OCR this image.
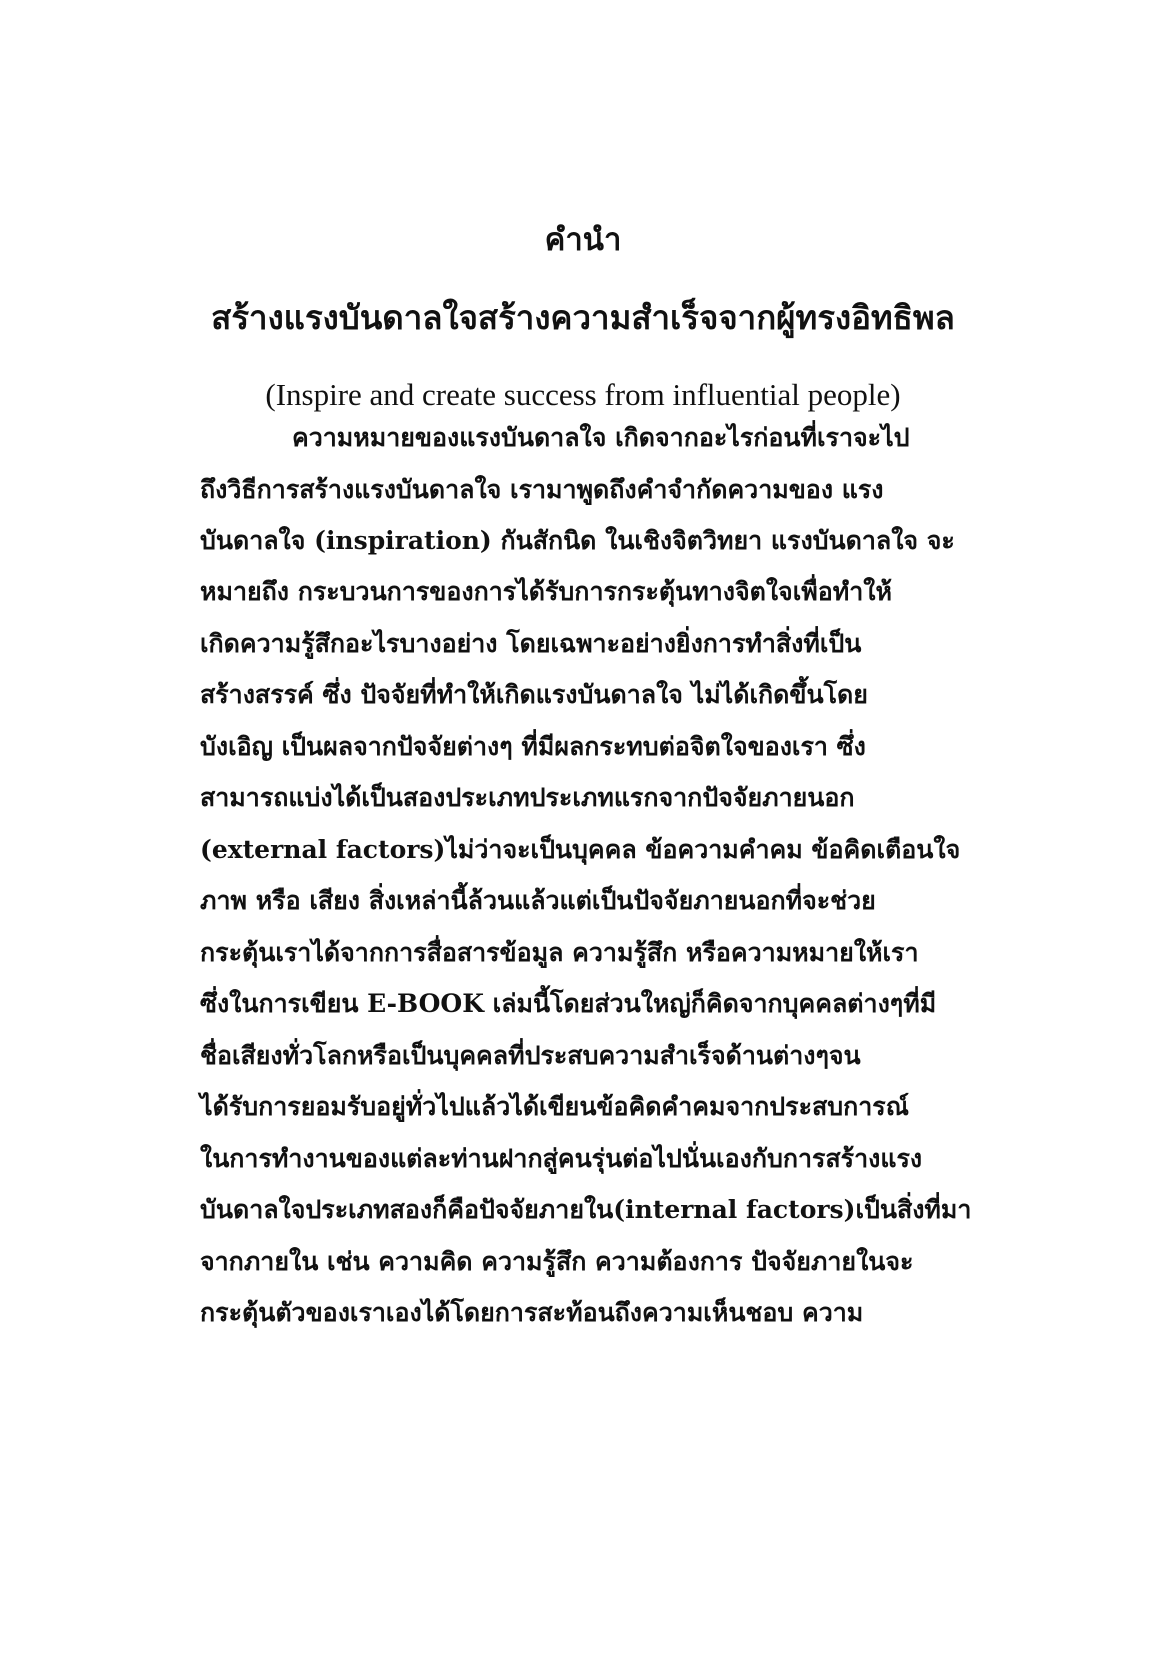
คำนำ
สร้างแรงบันดาลใจสร้างความสำเร็จจากผู้ทรงอิทธิพล
(Inspire and create success from influential people)
ความหมายของแรงบันดาลใจ เกิดจากอะไรก่อนที่เราจะไป
ถึงวิธีการสร้างแรงบันดาลใจ เรามาพูดถึงคำจำกัดความของ แรง
บันดาลใจ (inspiration) กันสักนิด ในเชิงจิตวิทยา แรงบันดาลใจ จะ
หมายถึง กระบวนการของการได้รับการกระตุ้นทางจิตใจเพื่อทำให้
เกิดความรู้สึกอะไรบางอย่าง โดยเฉพาะอย่างยิ่งการทำสิ่งที่เป็น
สร้างสรรค์ ซึ่ง ปัจจัยที่ทำให้เกิดแรงบันดาลใจ ไม่ได้เกิดขึ้นโดย
บังเอิญ เป็นผลจากปัจจัยต่างๆ ที่มีผลกระทบต่อจิตใจของเรา ซึ่ง
สามารถแบ่งได้เป็นสองประเภทประเภทแรกจากปัจจัยภายนอก
(external factors)ไม่ว่าจะเป็นบุคคล ข้อความคำคม ข้อคิดเตือนใจ
ภาพ หรือ เสียง สิ่งเหล่านี้ล้วนแล้วแต่เป็นปัจจัยภายนอกที่จะช่วย
กระตุ้นเราได้จากการสื่อสารข้อมูล ความรู้สึก หรือความหมายให้เรา
ซึ่งในการเขียน E-BOOK เล่มนี้โดยส่วนใหญ่ก็คิดจากบุคคลต่างๆที่มี
ชื่อเสียงทั่วโลกหรือเป็นบุคคลที่ประสบความสำเร็จด้านต่างๆจน
ได้รับการยอมรับอยู่ทั่วไปแล้วได้เขียนข้อคิดคำคมจากประสบการณ์
ในการทำงานของแต่ละท่านฝากสู่คนรุ่นต่อไปนั่นเองกับการสร้างแรง
บันดาลใจประเภทสองก็คือปัจจัยภายใน(internal factors)เป็นสิ่งที่มา
จากภายใน เช่น ความคิด ความรู้สึก ความต้องการ ปัจจัยภายในจะ
กระตุ้นตัวของเราเองได้โดยการสะท้อนถึงความเห็นชอบ ความ
